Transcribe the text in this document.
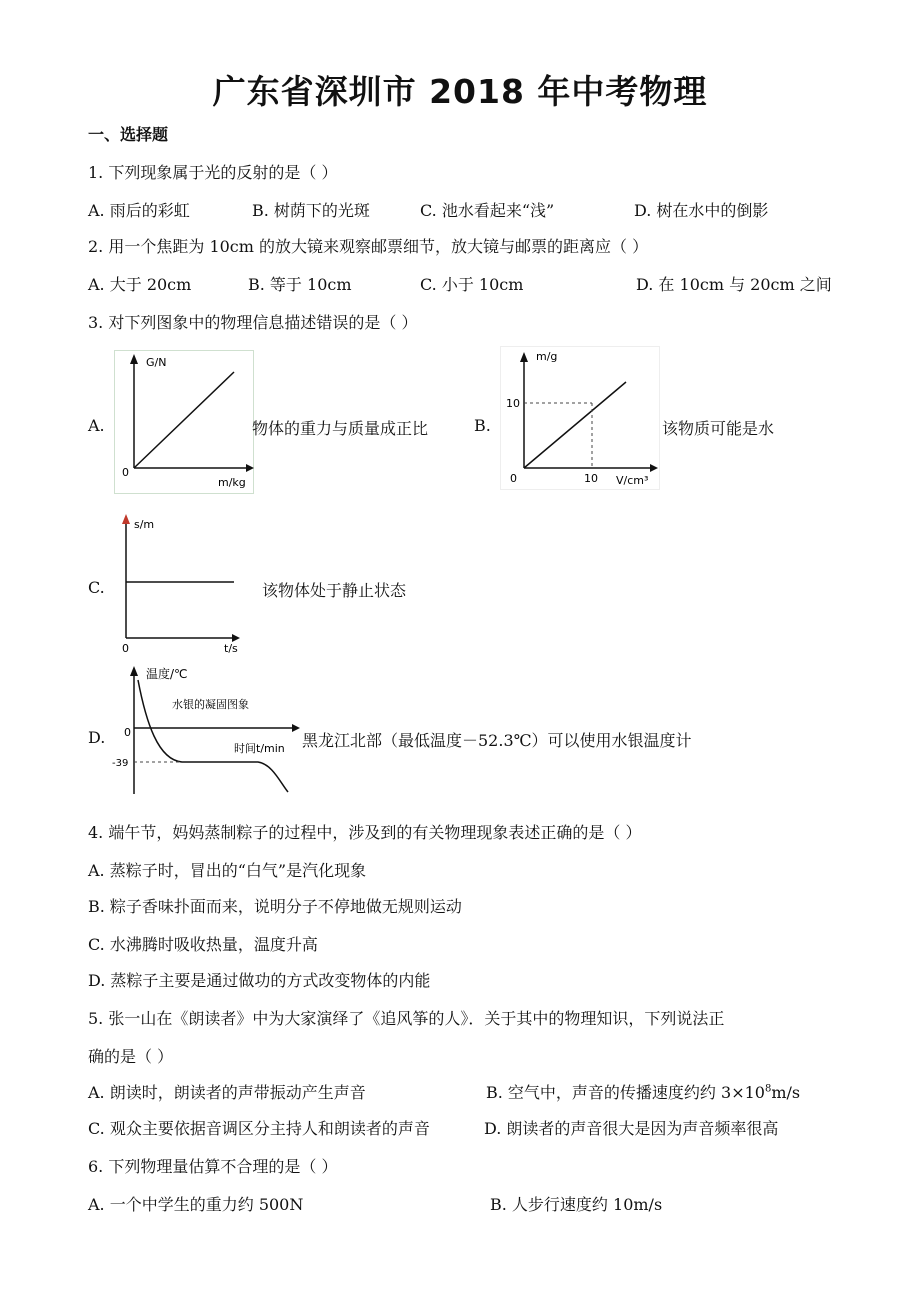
广东省深圳市 2018 年中考物理
一、选择题
1. 下列现象属于光的反射的是（ ）
A. 雨后的彩虹	B. 树荫下的光斑	C. 池水看起来“浅”	D. 树在水中的倒影
2. 用一个焦距为 10cm 的放大镜来观察邮票细节，放大镜与邮票的距离应（ ）
A. 大于 20cm	B. 等于 10cm	C. 小于 10cm	D. 在 10cm 与 20cm 之间
3. 对下列图象中的物理信息描述错误的是（ ）
A.
G/N
m/kg
0
物体的重力与质量成正比	B.
m/g
V/cm³
0	10
10
该物质可能是水
C.
s/m
t/s
0
该物体处于静止状态
D.
温度/℃
水银的凝固图象
时间t/min
0
-39
黑龙江北部（最低温度－52.3℃）可以使用水银温度计
4. 端午节，妈妈蒸制粽子的过程中，涉及到的有关物理现象表述正确的是（ ）
A. 蒸粽子时，冒出的“白气”是汽化现象
B. 粽子香味扑面而来，说明分子不停地做无规则运动
C. 水沸腾时吸收热量，温度升高
D. 蒸粽子主要是通过做功的方式改变物体的内能
5. 张一山在《朗读者》中为大家演绎了《追风筝的人》．关于其中的物理知识，下列说法正
确的是（ ）
A. 朗读时，朗读者的声带振动产生声音	B. 空气中，声音的传播速度约约 $3\times 10^8m/s$
C. 观众主要依据音调区分主持人和朗读者的声音	D. 朗读者的声音很大是因为声音频率很高
6. 下列物理量估算不合理的是（ ）
A. 一个中学生的重力约 500N	B. 人步行速度约 10m/s
